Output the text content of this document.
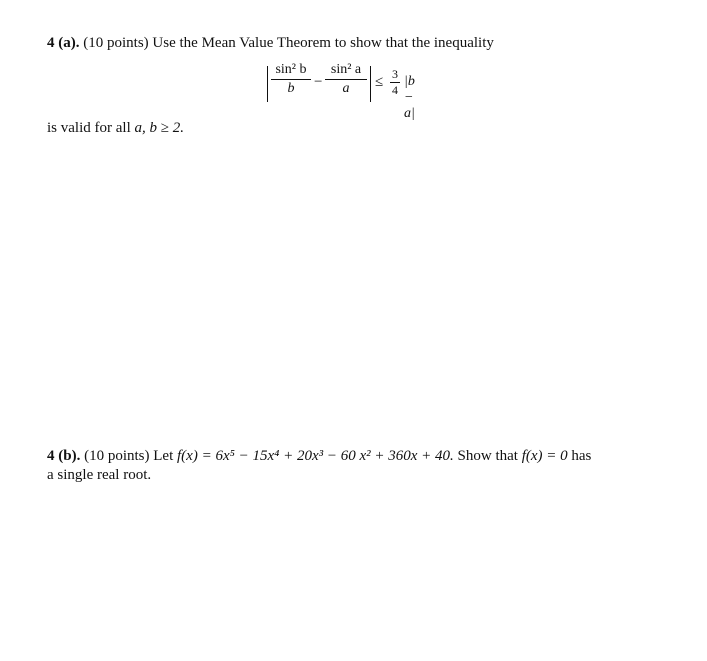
4 (a). (10 points) Use the Mean Value Theorem to show that the inequality
sin² b
b	−
sin² a
a	≤ 3
4
|b − a|
is valid for all a, b ≥ 2.
4 (b). (10 points) Let f(x) = 6x⁵ − 15x⁴ + 20x³ − 60 x² + 360x + 40. Show that f(x) = 0 has
a single real root.
